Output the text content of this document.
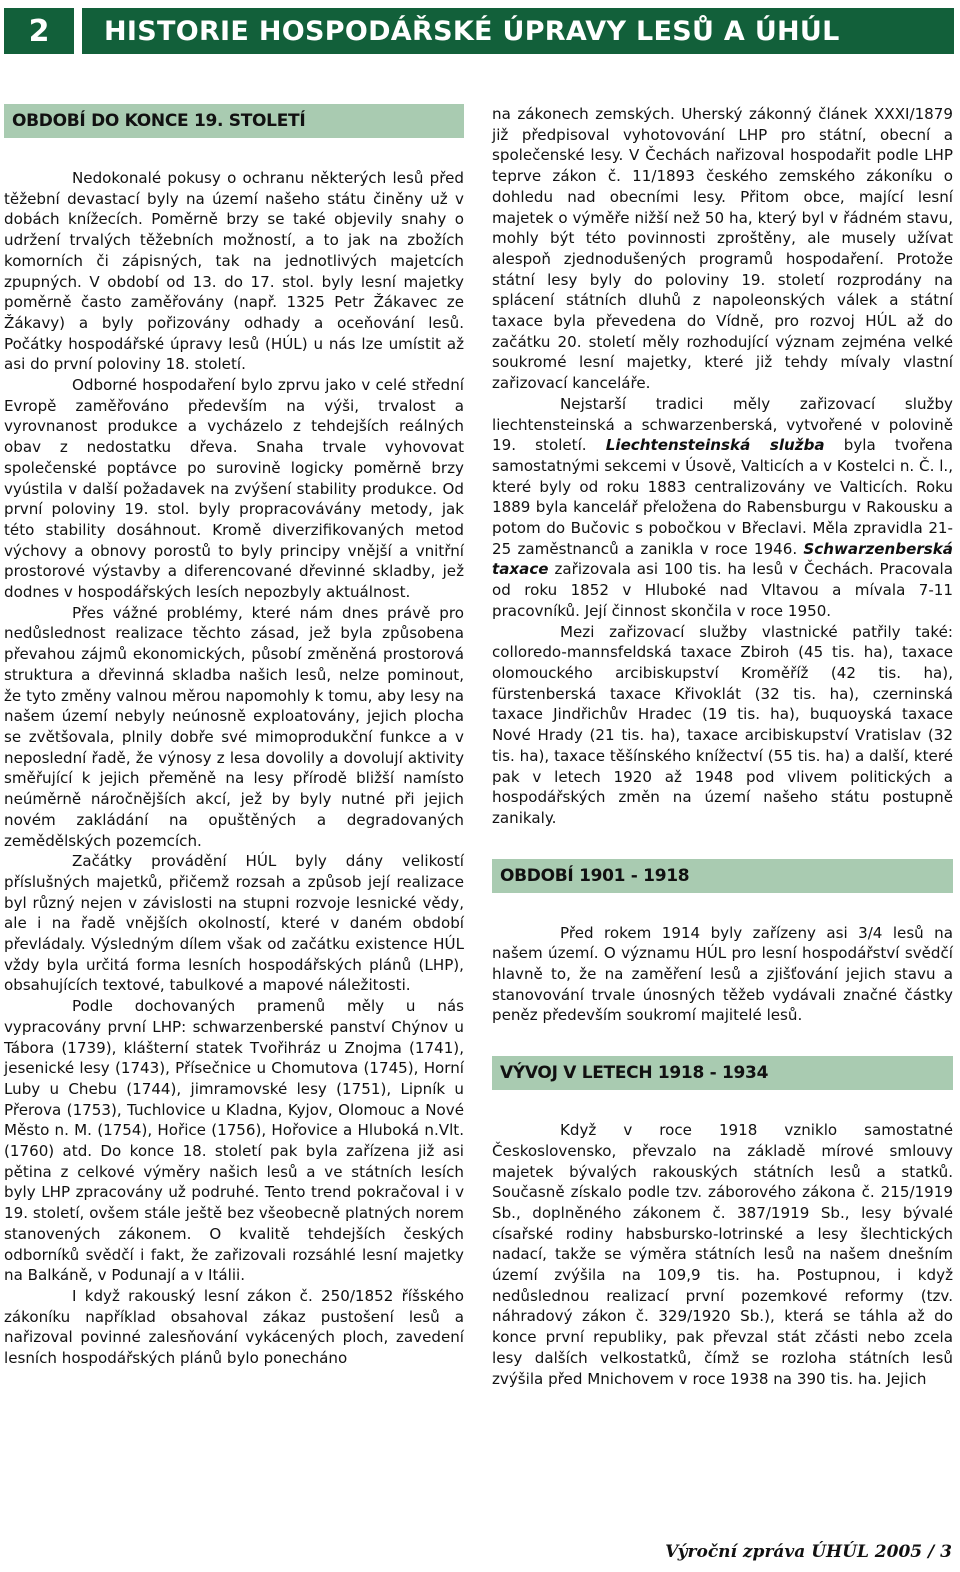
2	HISTORIE HOSPODÁŘSKÉ ÚPRAVY LESŮ A ÚHÚL
OBDOBÍ DO KONCE 19. STOLETÍ

Nedokonalé pokusy o ochranu některých lesů před těžební devastací byly na území našeho státu činěny už v dobách knížecích. Poměrně brzy se také objevily snahy o udržení trvalých těžebních možností, a to jak na zbožích komorních či zápisných, tak na jednotlivých majetcích zpupných. V období od 13. do 17. stol. byly lesní majetky poměrně často zaměřovány (např. 1325 Petr Žákavec ze Žákavy) a byly pořizovány odhady a oceňování lesů. Počátky hospodářské úpravy lesů (HÚL) u nás lze umístit až asi do první poloviny 18. století.

Odborné hospodaření bylo zprvu jako v celé střední Evropě zaměřováno především na výši, trvalost a vyrovnanost produkce a vycházelo z tehdejších reálných obav z nedostatku dřeva. Snaha trvale vyhovovat společenské poptávce po surovině logicky poměrně brzy vyústila v další požadavek na zvýšení stability produkce. Od první poloviny 19. stol. byly propracovávány metody, jak této stability dosáhnout. Kromě diverzifikovaných metod výchovy a obnovy porostů to byly principy vnější a vnitřní prostorové výstavby a diferencované dřevinné skladby, jež dodnes v hospodářských lesích nepozbyly aktuálnost.

Přes vážné problémy, které nám dnes právě pro nedůslednost realizace těchto zásad, jež byla způsobena převahou zájmů ekonomických, působí změněná prostorová struktura a dřevinná skladba našich lesů, nelze pominout, že tyto změny valnou měrou napomohly k tomu, aby lesy na našem území nebyly neúnosně exploatovány, jejich plocha se zvětšovala, plnily dobře své mimoprodukční funkce a v neposlední řadě, že výnosy z lesa dovolily a dovolují aktivity směřující k jejich přeměně na lesy přírodě bližší namísto neúměrně náročnějších akcí, jež by byly nutné při jejich novém zakládání na opuštěných a degradovaných zemědělských pozemcích.

Začátky provádění HÚL byly dány velikostí příslušných majetků, přičemž rozsah a způsob její realizace byl různý nejen v závislosti na stupni rozvoje lesnické vědy, ale i na řadě vnějších okolností, které v daném období převládaly. Výsledným dílem však od začátku existence HÚL vždy byla určitá forma lesních hospodářských plánů (LHP), obsahujících textové, tabulkové a mapové náležitosti.

Podle dochovaných pramenů měly u nás vypracovány první LHP: schwarzenberské panství Chýnov u Tábora (1739), klášterní statek Tvořihráz u Znojma (1741), jesenické lesy (1743), Přísečnice u Chomutova (1745), Horní Luby u Chebu (1744), jimramovské lesy (1751), Lipník u Přerova (1753), Tuchlovice u Kladna, Kyjov, Olomouc a Nové Město n. M. (1754), Hořice (1756), Hořovice a Hluboká n.Vlt. (1760) atd. Do konce 18. století pak byla zařízena již asi pětina z celkové výměry našich lesů a ve státních lesích byly LHP zpracovány už podruhé. Tento trend pokračoval i v 19. století, ovšem stále ještě bez všeobecně platných norem stanovených zákonem. O kvalitě tehdejších českých odborníků svědčí i fakt, že zařizovali rozsáhlé lesní majetky na Balkáně, v Podunají a v Itálii.

I když rakouský lesní zákon č. 250/1852 říšského zákoníku například obsahoval zákaz pustošení lesů a nařizoval povinné zalesňování vykácených ploch, zavedení lesních hospodářských plánů bylo ponecháno

na zákonech zemských. Uherský zákonný článek XXXI/1879 již předpisoval vyhotovování LHP pro státní, obecní a společenské lesy. V Čechách nařizoval hospodařit podle LHP teprve zákon č. 11/1893 českého zemského zákoníku o dohledu nad obecními lesy. Přitom obce, mající lesní majetek o výměře nižší než 50 ha, který byl v řádném stavu, mohly být této povinnosti zproštěny, ale musely užívat alespoň zjednodušených programů hospodaření. Protože státní lesy byly do poloviny 19. století rozprodány na splácení státních dluhů z napoleonských válek a státní taxace byla převedena do Vídně, pro rozvoj HÚL až do začátku 20. století měly rozhodující význam zejména velké soukromé lesní majetky, které již tehdy mívaly vlastní zařizovací kanceláře.

Nejstarší tradici měly zařizovací služby liechtensteinská a schwarzenberská, vytvořené v polovině 19. století. Liechtensteinská služba byla tvořena samostatnými sekcemi v Úsově, Valticích a v Kostelci n. Č. l., které byly od roku 1883 centralizovány ve Valticích. Roku 1889 byla kancelář přeložena do Rabensburgu v Rakousku a potom do Bučovic s pobočkou v Břeclavi. Měla zpravidla 21-25 zaměstnanců a zanikla v roce 1946. Schwarzenberská taxace zařizovala asi 100 tis. ha lesů v Čechách. Pracovala od roku 1852 v Hluboké nad Vltavou a mívala 7-11 pracovníků. Její činnost skončila v roce 1950.

Mezi zařizovací služby vlastnické patřily také: colloredo-mannsfeldská taxace Zbiroh (45 tis. ha), taxace olomouckého arcibiskupství Kroměříž (42 tis. ha), fürstenberská taxace Křivoklát (32 tis. ha), czerninská taxace Jindřichův Hradec (19 tis. ha), buquoyská taxace Nové Hrady (21 tis. ha), taxace arcibiskupství Vratislav (32 tis. ha), taxace těšínského knížectví (55 tis. ha) a další, které pak v letech 1920 až 1948 pod vlivem politických a hospodářských změn na území našeho státu postupně zanikaly.

OBDOBÍ 1901 - 1918

Před rokem 1914 byly zařízeny asi 3/4 lesů na našem území. O významu HÚL pro lesní hospodářství svědčí hlavně to, že na zaměření lesů a zjišťování jejich stavu a stanovování trvale únosných těžeb vydávali značné částky peněz především soukromí majitelé lesů.

VÝVOJ V LETECH 1918 - 1934

Když v roce 1918 vzniklo samostatné Československo, převzalo na základě mírové smlouvy majetek bývalých rakouských státních lesů a statků. Současně získalo podle tzv. záborového zákona č. 215/1919 Sb., doplněného zákonem č. 387/1919 Sb., lesy bývalé císařské rodiny habsbursko-lotrinské a lesy šlechtických nadací, takže se výměra státních lesů na našem dnešním území zvýšila na 109,9 tis. ha. Postupnou, i když nedůslednou realizací první pozemkové reformy (tzv. náhradový zákon č. 329/1920 Sb.), která se táhla až do konce první republiky, pak převzal stát zčásti nebo zcela lesy dalších velkostatků, čímž se rozloha státních lesů zvýšila před Mnichovem v roce 1938 na 390 tis. ha. Jejich

Výroční zpráva ÚHÚL 2005 / 3
